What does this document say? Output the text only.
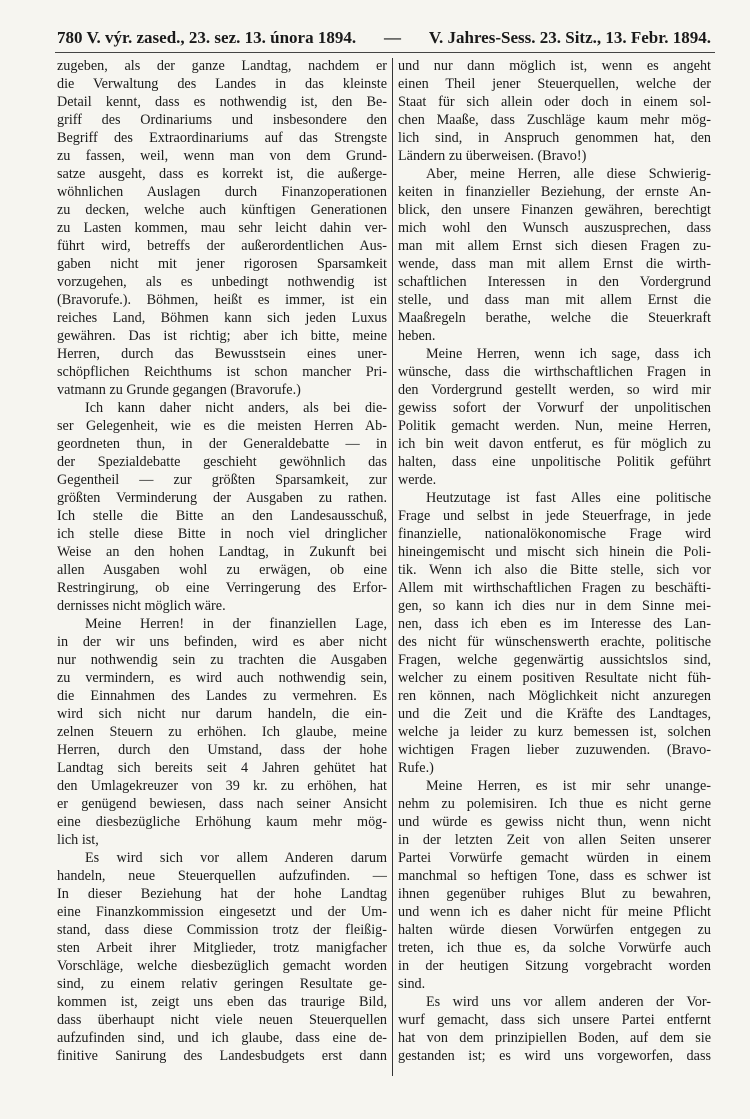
780 V. výr. zased., 23. sez. 13. února 1894. — V. Jahres-Sess. 23. Sitz., 13. Febr. 1894.
zugeben, als der ganze Landtag, nachdem er
die Verwaltung des Landes in das kleinste
Detail kennt, dass es nothwendig ist, den Be-
griff des Ordinariums und insbesondere den
Begriff des Extraordinariums auf das Strengste
zu fassen, weil, wenn man von dem Grund-
satze ausgeht, dass es korrekt ist, die außerge-
wöhnlichen Auslagen durch Finanzoperationen
zu decken, welche auch künftigen Generationen
zu Lasten kommen, mau sehr leicht dahin ver-
führt wird, betreffs der außerordentlichen Aus-
gaben nicht mit jener rigorosen Sparsamkeit
vorzugehen, als es unbedingt nothwendig ist
(Bravorufe.). Böhmen, heißt es immer, ist ein
reiches Land, Böhmen kann sich jeden Luxus
gewähren. Das ist richtig; aber ich bitte, meine
Herren, durch das Bewusstsein eines uner-
schöpflichen Reichthums ist schon mancher Pri-
vatmann zu Grunde gegangen (Bravorufe.)
Ich kann daher nicht anders, als bei die-
ser Gelegenheit, wie es die meisten Herren Ab-
geordneten thun, in der Generaldebatte — in
der Spezialdebatte geschieht gewöhnlich das
Gegentheil — zur größten Sparsamkeit, zur
größten Verminderung der Ausgaben zu rathen.
Ich stelle die Bitte an den Landesausschuß,
ich stelle diese Bitte in noch viel dringlicher
Weise an den hohen Landtag, in Zukunft bei
allen Ausgaben wohl zu erwägen, ob eine
Restringirung, ob eine Verringerung des Erfor-
dernisses nicht möglich wäre.
Meine Herren! in der finanziellen Lage,
in der wir uns befinden, wird es aber nicht
nur nothwendig sein zu trachten die Ausgaben
zu vermindern, es wird auch nothwendig sein,
die Einnahmen des Landes zu vermehren. Es
wird sich nicht nur darum handeln, die ein-
zelnen Steuern zu erhöhen. Ich glaube, meine
Herren, durch den Umstand, dass der hohe
Landtag sich bereits seit 4 Jahren gehütet hat
den Umlagekreuzer von 39 kr. zu erhöhen, hat
er genügend bewiesen, dass nach seiner Ansicht
eine diesbezügliche Erhöhung kaum mehr mög-
lich ist,
Es wird sich vor allem Anderen darum
handeln, neue Steuerquellen aufzufinden. —
In dieser Beziehung hat der hohe Landtag
eine Finanzkommission eingesetzt und der Um-
stand, dass diese Commission trotz der fleißig-
sten Arbeit ihrer Mitglieder, trotz manigfacher
Vorschläge, welche diesbezüglich gemacht worden
sind, zu einem relativ geringen Resultate ge-
kommen ist, zeigt uns eben das traurige Bild,
dass überhaupt nicht viele neuen Steuerquellen
aufzufinden sind, und ich glaube, dass eine de-
finitive Sanirung des Landesbudgets erst dann
und nur dann möglich ist, wenn es angeht
einen Theil jener Steuerquellen, welche der
Staat für sich allein oder doch in einem sol-
chen Maaße, dass Zuschläge kaum mehr mög-
lich sind, in Anspruch genommen hat, den
Ländern zu überweisen. (Bravo!)
Aber, meine Herren, alle diese Schwierig-
keiten in finanzieller Beziehung, der ernste An-
blick, den unsere Finanzen gewähren, berechtigt
mich wohl den Wunsch auszusprechen, dass
man mit allem Ernst sich diesen Fragen zu-
wende, dass man mit allem Ernst die wirth-
schaftlichen Interessen in den Vordergrund
stelle, und dass man mit allem Ernst die
Maaßregeln berathe, welche die Steuerkraft
heben.
Meine Herren, wenn ich sage, dass ich
wünsche, dass die wirthschaftlichen Fragen in
den Vordergrund gestellt werden, so wird mir
gewiss sofort der Vorwurf der unpolitischen
Politik gemacht werden. Nun, meine Herren,
ich bin weit davon entferut, es für möglich zu
halten, dass eine unpolitische Politik geführt
werde.
Heutzutage ist fast Alles eine politische
Frage und selbst in jede Steuerfrage, in jede
finanzielle, nationalökonomische Frage wird
hineingemischt und mischt sich hinein die Poli-
tik. Wenn ich also die Bitte stelle, sich vor
Allem mit wirthschaftlichen Fragen zu beschäfti-
gen, so kann ich dies nur in dem Sinne mei-
nen, dass ich eben es im Interesse des Lan-
des nicht für wünschenswerth erachte, politische
Fragen, welche gegenwärtig aussichtslos sind,
welcher zu einem positiven Resultate nicht füh-
ren können, nach Möglichkeit nicht anzuregen
und die Zeit und die Kräfte des Landtages,
welche ja leider zu kurz bemessen ist, solchen
wichtigen Fragen lieber zuzuwenden. (Bravo-
Rufe.)
Meine Herren, es ist mir sehr unange-
nehm zu polemisiren. Ich thue es nicht gerne
und würde es gewiss nicht thun, wenn nicht
in der letzten Zeit von allen Seiten unserer
Partei Vorwürfe gemacht würden in einem
manchmal so heftigen Tone, dass es schwer ist
ihnen gegenüber ruhiges Blut zu bewahren,
und wenn ich es daher nicht für meine Pflicht
halten würde diesen Vorwürfen entgegen zu
treten, ich thue es, da solche Vorwürfe auch
in der heutigen Sitzung vorgebracht worden
sind.
Es wird uns vor allem anderen der Vor-
wurf gemacht, dass sich unsere Partei entfernt
hat von dem prinzipiellen Boden, auf dem sie
gestanden ist; es wird uns vorgeworfen, dass
